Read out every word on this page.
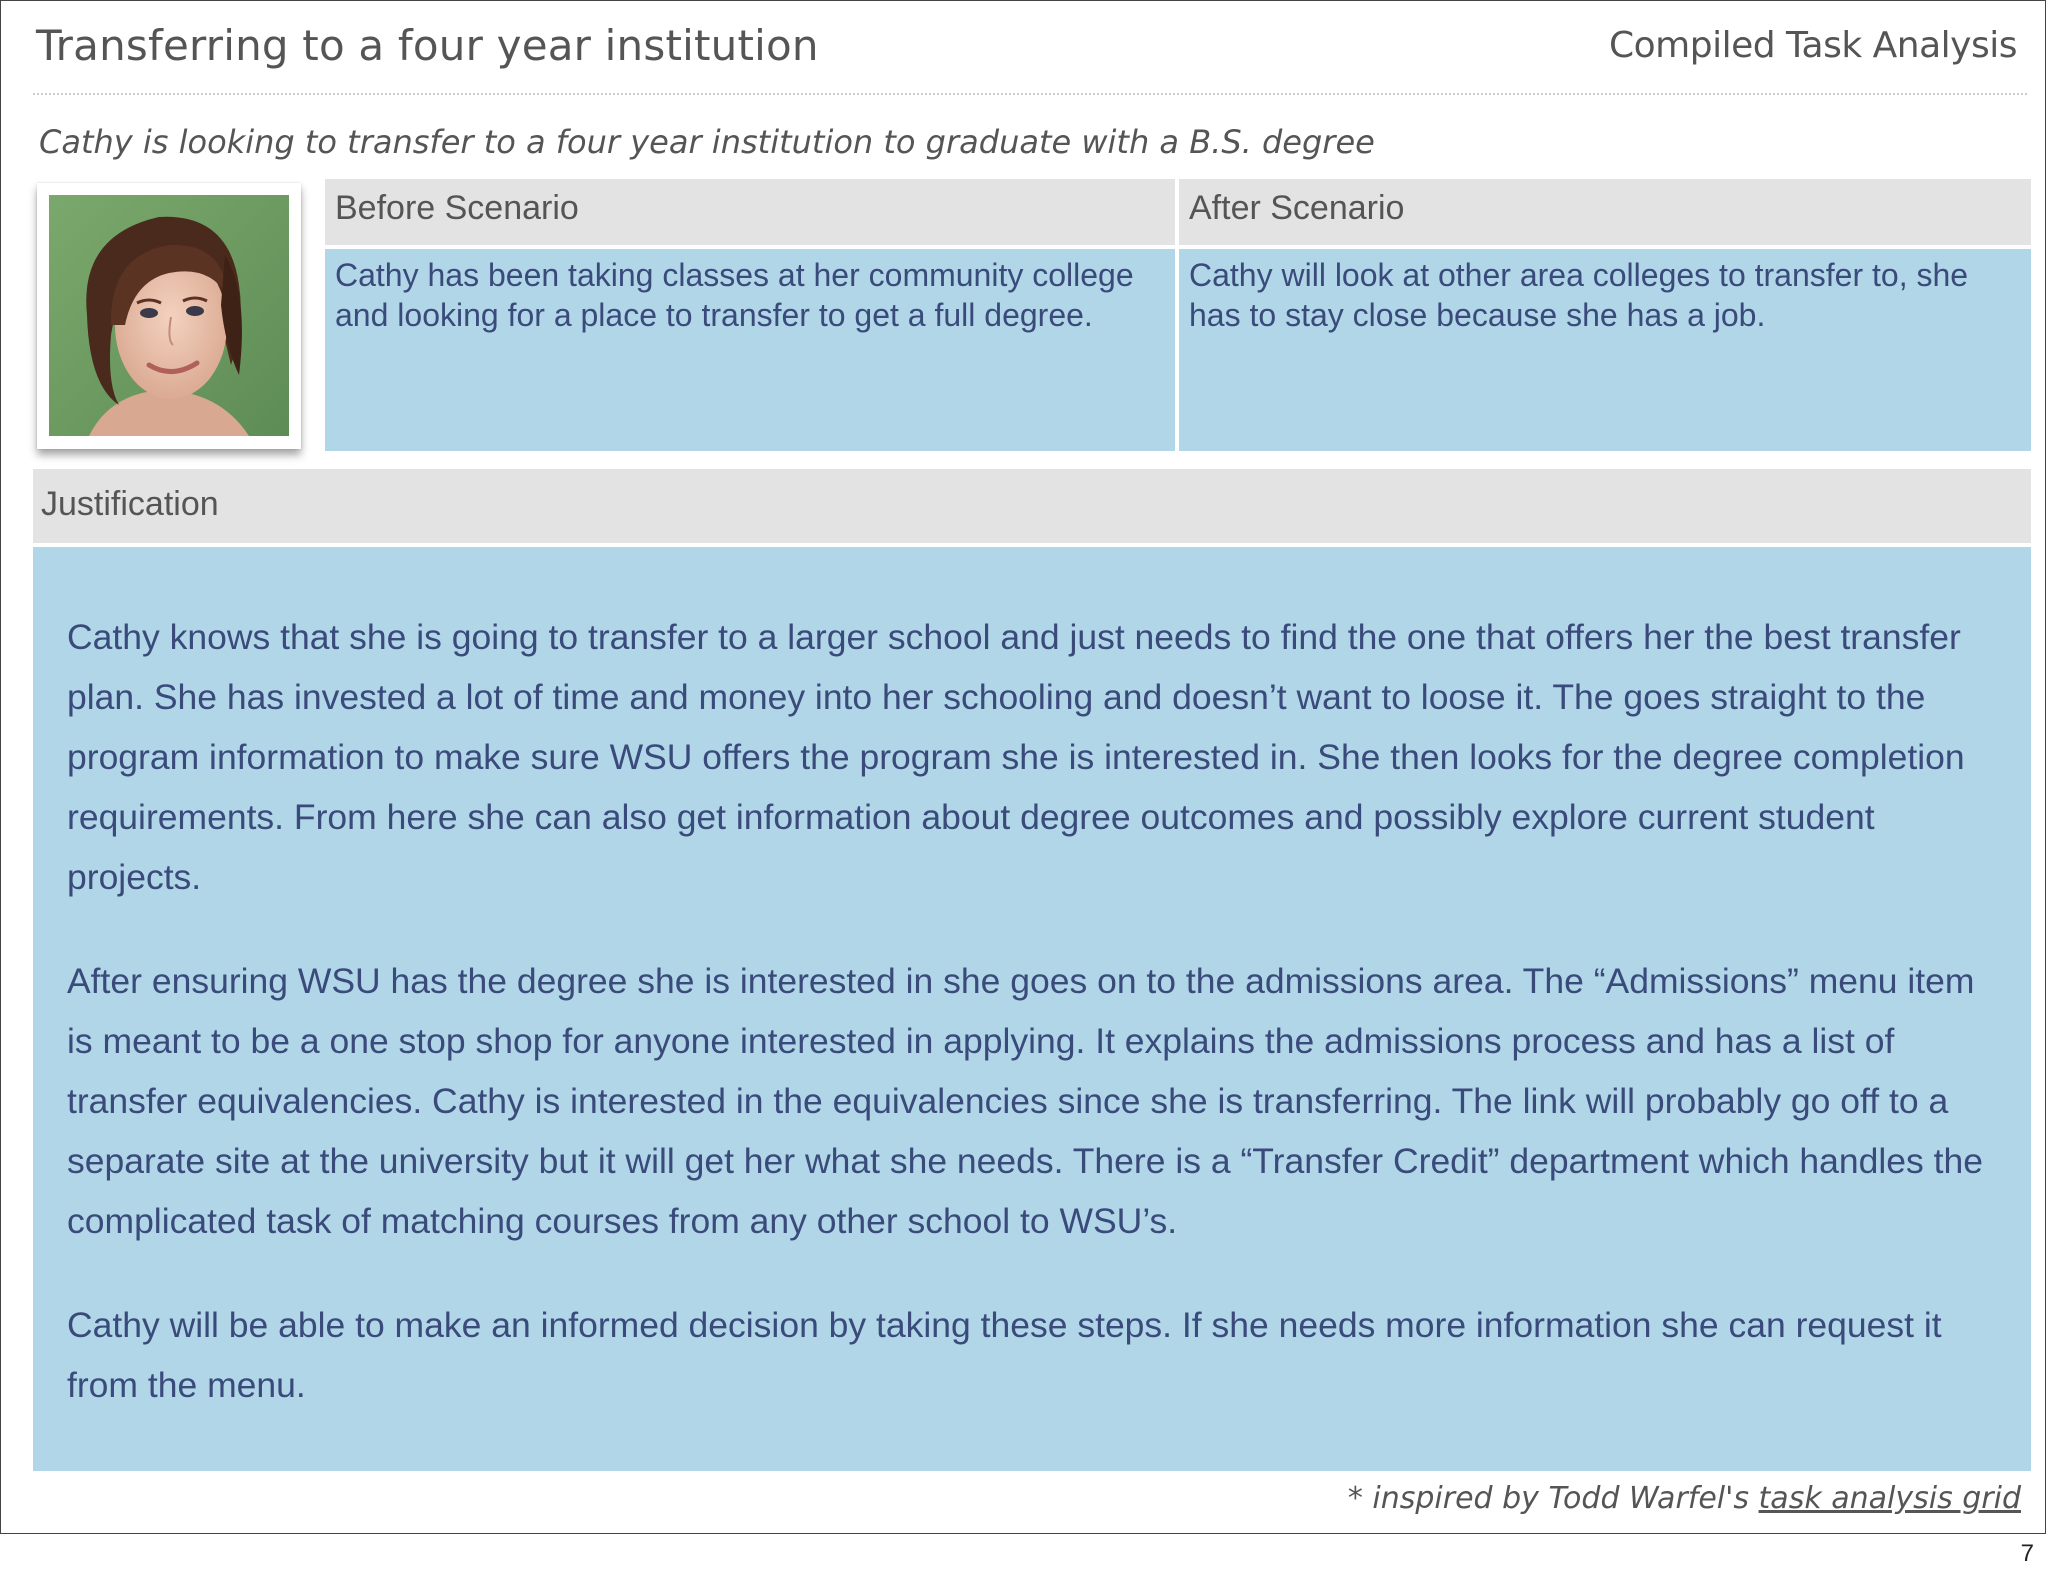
Transferring to a four year institution	Compiled Task Analysis
Cathy is looking to transfer to a four year institution to graduate with a B.S. degree
Before Scenario	After Scenario
Cathy has been taking classes at her community college and looking for a place to transfer to get a full degree.
Cathy will look at other area colleges to transfer to, she has to stay close because she has a job.
Justification

Cathy knows that she is going to transfer to a larger school and just needs to find the one that offers her the best transfer plan. She has invested a lot of time and money into her schooling and doesn’t want to loose it. The goes straight to the program information to make sure WSU offers the program she is interested in. She then looks for the degree completion requirements. From here she can also get information about degree outcomes and possibly explore current student projects.

After ensuring WSU has the degree she is interested in she goes on to the admissions area. The “Admissions” menu item is meant to be a one stop shop for anyone interested in applying. It explains the admissions process and has a list of transfer equivalencies. Cathy is interested in the equivalencies since she is transferring. The link will probably go off to a separate site at the university but it will get her what she needs. There is a “Transfer Credit” department which handles the complicated task of matching courses from any other school to WSU’s.

Cathy will be able to make an informed decision by taking these steps. If she needs more information she can request it from the menu.

* inspired by Todd Warfel's task analysis grid
7
